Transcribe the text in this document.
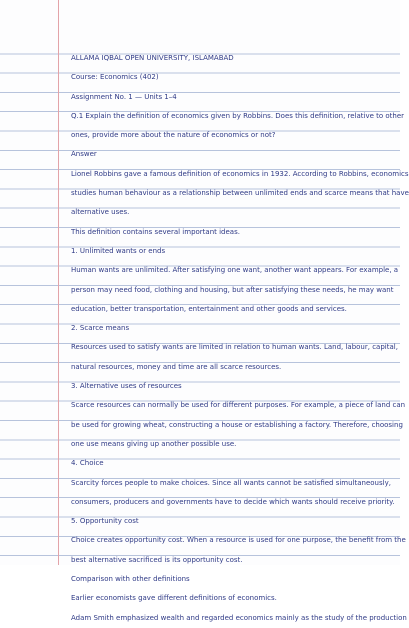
ALLAMA IQBAL OPEN UNIVERSITY, ISLAMABAD
Course: Economics (402)
Assignment No. 1 — Units 1–4
Q.1 Explain the definition of economics given by Robbins. Does this definition, relative to other
ones, provide more about the nature of economics or not?
Answer
Lionel Robbins gave a famous definition of economics in 1932. According to Robbins, economics
studies human behaviour as a relationship between unlimited ends and scarce means that have
alternative uses.
This definition contains several important ideas.
1. Unlimited wants or ends
Human wants are unlimited. After satisfying one want, another want appears. For example, a
person may need food, clothing and housing, but after satisfying these needs, he may want
education, better transportation, entertainment and other goods and services.
2. Scarce means
Resources used to satisfy wants are limited in relation to human wants. Land, labour, capital,
natural resources, money and time are all scarce resources.
3. Alternative uses of resources
Scarce resources can normally be used for different purposes. For example, a piece of land can
be used for growing wheat, constructing a house or establishing a factory. Therefore, choosing
one use means giving up another possible use.
4. Choice
Scarcity forces people to make choices. Since all wants cannot be satisfied simultaneously,
consumers, producers and governments have to decide which wants should receive priority.
5. Opportunity cost
Choice creates opportunity cost. When a resource is used for one purpose, the benefit from the
best alternative sacrificed is its opportunity cost.
Comparison with other definitions
Earlier economists gave different definitions of economics.
Adam Smith emphasized wealth and regarded economics mainly as the study of the production
